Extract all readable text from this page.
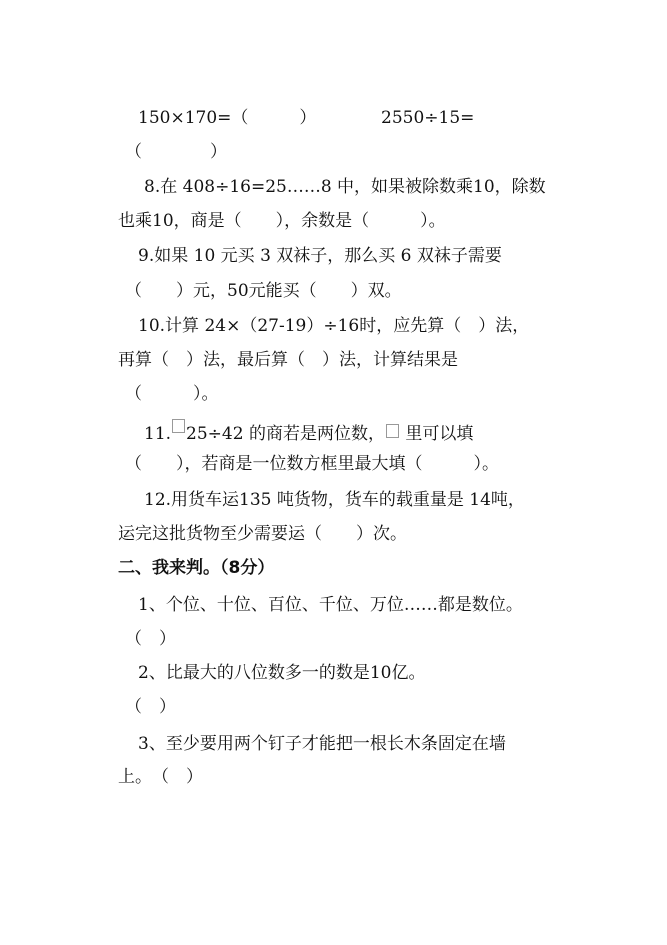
150×170=（　　　）	2550÷15=
（　　　　）
8.在 408÷16=25……8 中，如果被除数乘10，除数
也乘10，商是（　　），余数是（　　　）。
9.如果 10 元买 3 双袜子，那么买 6 双袜子需要
（　　）元，50元能买（　　）双。
10.计算 24×（27-19）÷16时，应先算（　）法，
再算（　）法，最后算（　）法，计算结果是
（　　　）。
11. 25÷42 的商若是两位数， 里可以填
（　　），若商是一位数方框里最大填（　　　）。
12.用货车运135 吨货物，货车的载重量是 14吨，
运完这批货物至少需要运（　　）次。
二、我来判。（8分）
1、个位、十位、百位、千位、万位……都是数位。
（　）
2、比最大的八位数多一的数是10亿。
（　）
3、至少要用两个钉子才能把一根长木条固定在墙
上。　（　）
